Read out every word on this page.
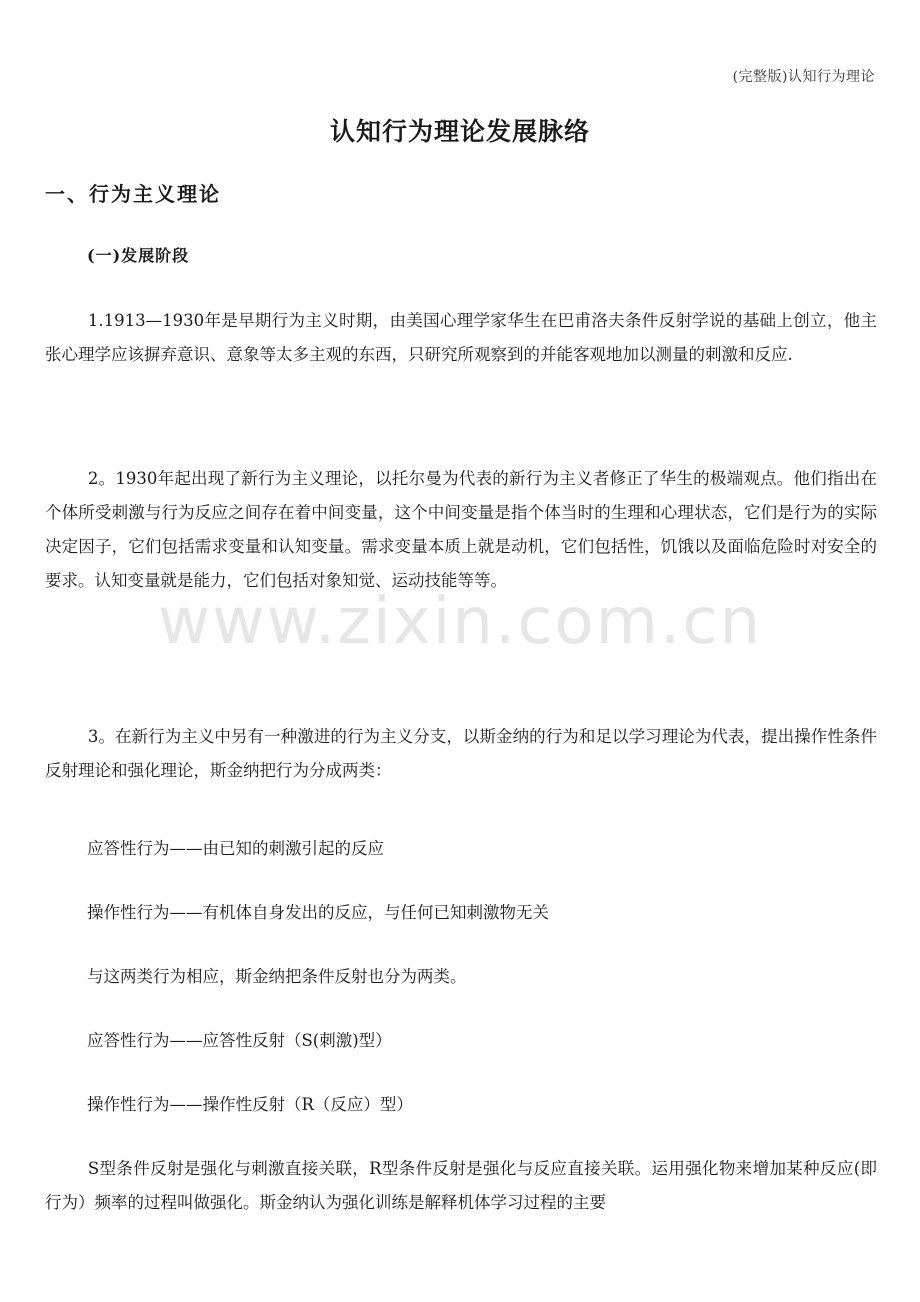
(完整版)认知行为理论
www.zixin.com.cn
认知行为理论发展脉络
一、行为主义理论
(一)发展阶段

1.1913—1930年是早期行为主义时期，由美国心理学家华生在巴甫洛夫条件反射学说的基础上创立，他主张心理学应该摒弃意识、意象等太多主观的东西，只研究所观察到的并能客观地加以测量的刺激和反应.

2。1930年起出现了新行为主义理论，以托尔曼为代表的新行为主义者修正了华生的极端观点。他们指出在个体所受刺激与行为反应之间存在着中间变量，这个中间变量是指个体当时的生理和心理状态，它们是行为的实际决定因子，它们包括需求变量和认知变量。需求变量本质上就是动机，它们包括性，饥饿以及面临危险时对安全的要求。认知变量就是能力，它们包括对象知觉、运动技能等等。

3。在新行为主义中另有一种激进的行为主义分支，以斯金纳的行为和足以学习理论为代表，提出操作性条件反射理论和强化理论，斯金纳把行为分成两类：

应答性行为——由已知的刺激引起的反应

操作性行为——有机体自身发出的反应，与任何已知刺激物无关

与这两类行为相应，斯金纳把条件反射也分为两类。

应答性行为——应答性反射（S(刺激)型）

操作性行为——操作性反射（R（反应）型）

S型条件反射是强化与刺激直接关联，R型条件反射是强化与反应直接关联。运用强化物来增加某种反应(即行为）频率的过程叫做强化。斯金纳认为强化训练是解释机体学习过程的主要
